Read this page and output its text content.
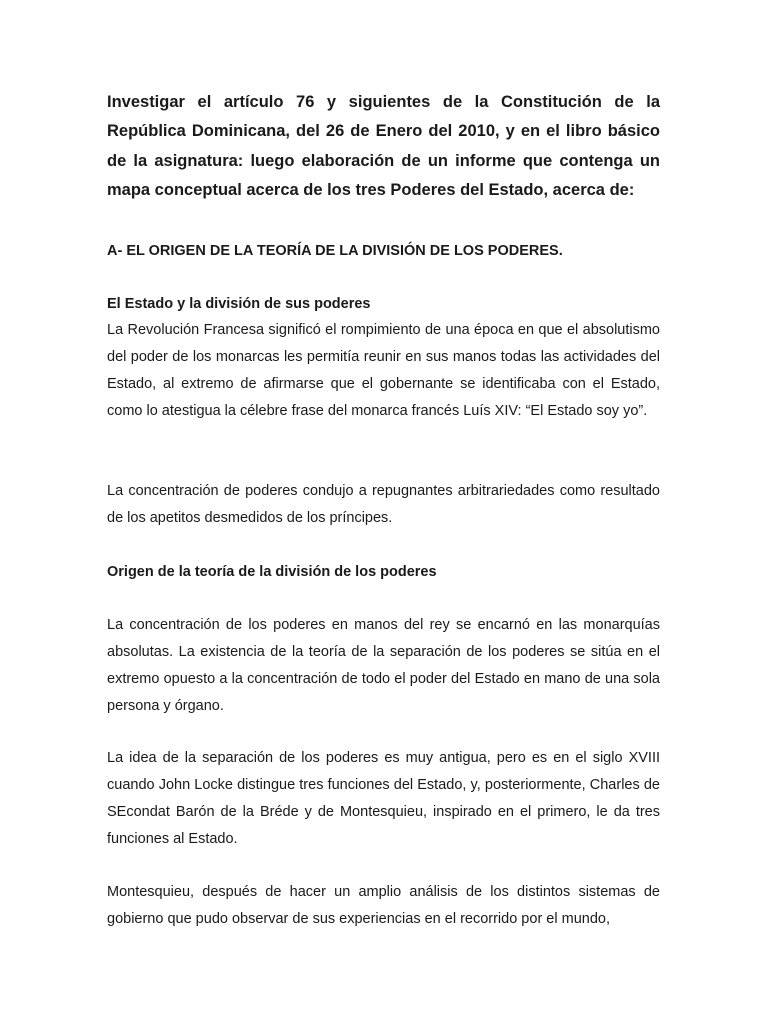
Investigar el artículo 76 y siguientes de la Constitución de la República Dominicana, del 26 de Enero del 2010, y en el libro básico de la asignatura: luego elaboración de un informe que contenga un mapa conceptual acerca de los tres Poderes del Estado, acerca de:

A- EL ORIGEN DE LA TEORÍA DE LA DIVISIÓN DE LOS PODERES.

El Estado y la división de sus poderes

La Revolución Francesa significó el rompimiento de una época en que el absolutismo del poder de los monarcas les permitía reunir en sus manos todas las actividades del Estado, al extremo de afirmarse que el gobernante se identificaba con el Estado, como lo atestigua la célebre frase del monarca francés Luís XIV: “El Estado soy yo”.

La concentración de poderes condujo a repugnantes arbitrariedades como resultado de los apetitos desmedidos de los príncipes.

Origen de la teoría de la división de los poderes

La concentración de los poderes en manos del rey se encarnó en las monarquías absolutas. La existencia de la teoría de la separación de los poderes se sitúa en el extremo opuesto a la concentración de todo el poder del Estado en mano de una sola persona y órgano.

La idea de la separación de los poderes es muy antigua, pero es en el siglo XVIII cuando John Locke distingue tres funciones del Estado, y, posteriormente, Charles de SEcondat Barón de la Bréde y de Montesquieu, inspirado en el primero, le da tres funciones al Estado.

Montesquieu, después de hacer un amplio análisis de los distintos sistemas de gobierno que pudo observar de sus experiencias en el recorrido por el mundo,
